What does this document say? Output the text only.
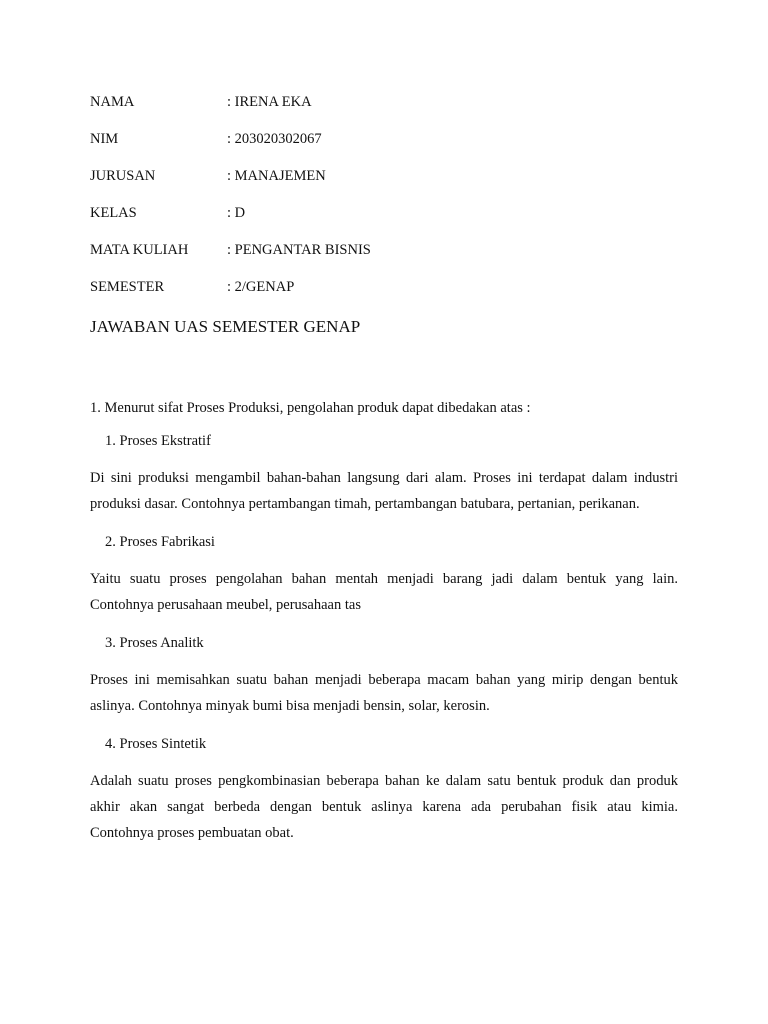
NAMA	: IRENA EKA
NIM	: 203020302067
JURUSAN	: MANAJEMEN
KELAS	: D
MATA KULIAH	: PENGANTAR BISNIS
SEMESTER	: 2/GENAP
JAWABAN UAS SEMESTER GENAP
1. Menurut sifat Proses Produksi, pengolahan produk dapat dibedakan atas :
1. Proses Ekstratif
Di sini produksi mengambil bahan-bahan langsung dari alam. Proses ini terdapat dalam industri
produksi dasar. Contohnya pertambangan timah, pertambangan batubara, pertanian, perikanan.
2. Proses Fabrikasi
Yaitu suatu proses pengolahan bahan mentah menjadi barang jadi dalam bentuk yang lain.
Contohnya perusahaan meubel, perusahaan tas
3. Proses Analitk
Proses ini memisahkan suatu bahan menjadi beberapa macam bahan yang mirip dengan bentuk
aslinya. Contohnya minyak bumi bisa menjadi bensin, solar, kerosin.
4. Proses Sintetik
Adalah suatu proses pengkombinasian beberapa bahan ke dalam satu bentuk produk dan produk
akhir akan sangat berbeda dengan bentuk aslinya karena ada perubahan fisik atau kimia.
Contohnya proses pembuatan obat.
